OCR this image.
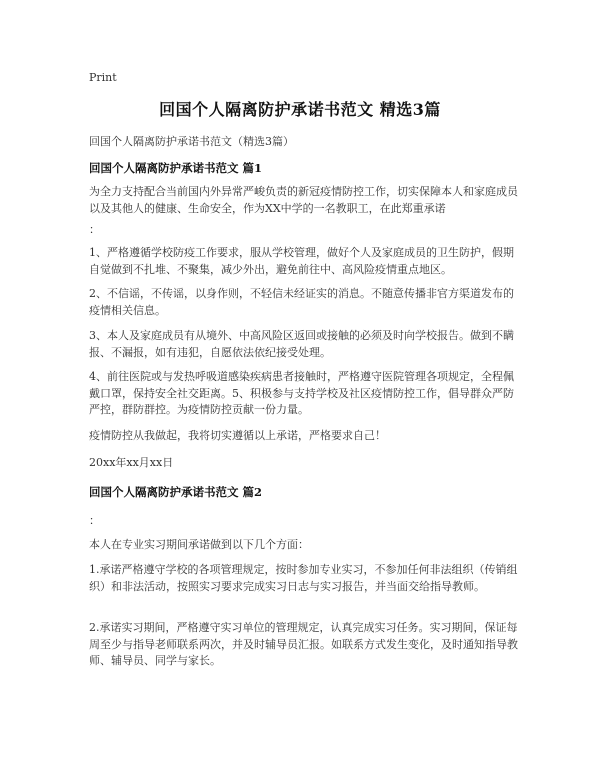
Print
回国个人隔离防护承诺书范文 精选3篇
回国个人隔离防护承诺书范文（精选3篇）
回国个人隔离防护承诺书范文 篇1
为全力支持配合当前国内外异常严峻负责的新冠疫情防控工作，切实保障本人和家庭成员以及其他人的健康、生命安全，作为XX中学的一名教职工，在此郑重承诺
：
1、严格遵循学校防疫工作要求，服从学校管理，做好个人及家庭成员的卫生防护，假期自觉做到不扎堆、不聚集，减少外出，避免前往中、高风险疫情重点地区。
2、不信谣，不传谣，以身作则，不轻信未经证实的消息。不随意传播非官方渠道发布的疫情相关信息。
3、本人及家庭成员有从境外、中高风险区返回或接触的必须及时向学校报告。做到不瞒报、不漏报，如有违犯，自愿依法依纪接受处理。
4、前往医院或与发热呼吸道感染疾病患者接触时，严格遵守医院管理各项规定，全程佩戴口罩，保持安全社交距离。5、积极参与支持学校及社区疫情防控工作，倡导群众严防严控，群防群控。为疫情防控贡献一份力量。
疫情防控从我做起，我将切实遵循以上承诺，严格要求自己！
20xx年xx月xx日
回国个人隔离防护承诺书范文 篇2
：
本人在专业实习期间承诺做到以下几个方面：
1.承诺严格遵守学校的各项管理规定，按时参加专业实习，不参加任何非法组织（传销组织）和非法活动，按照实习要求完成实习日志与实习报告，并当面交给指导教师。
2.承诺实习期间，严格遵守实习单位的管理规定，认真完成实习任务。实习期间，保证每周至少与指导老师联系两次，并及时辅导员汇报。如联系方式发生变化，及时通知指导教师、辅导员、同学与家长。
